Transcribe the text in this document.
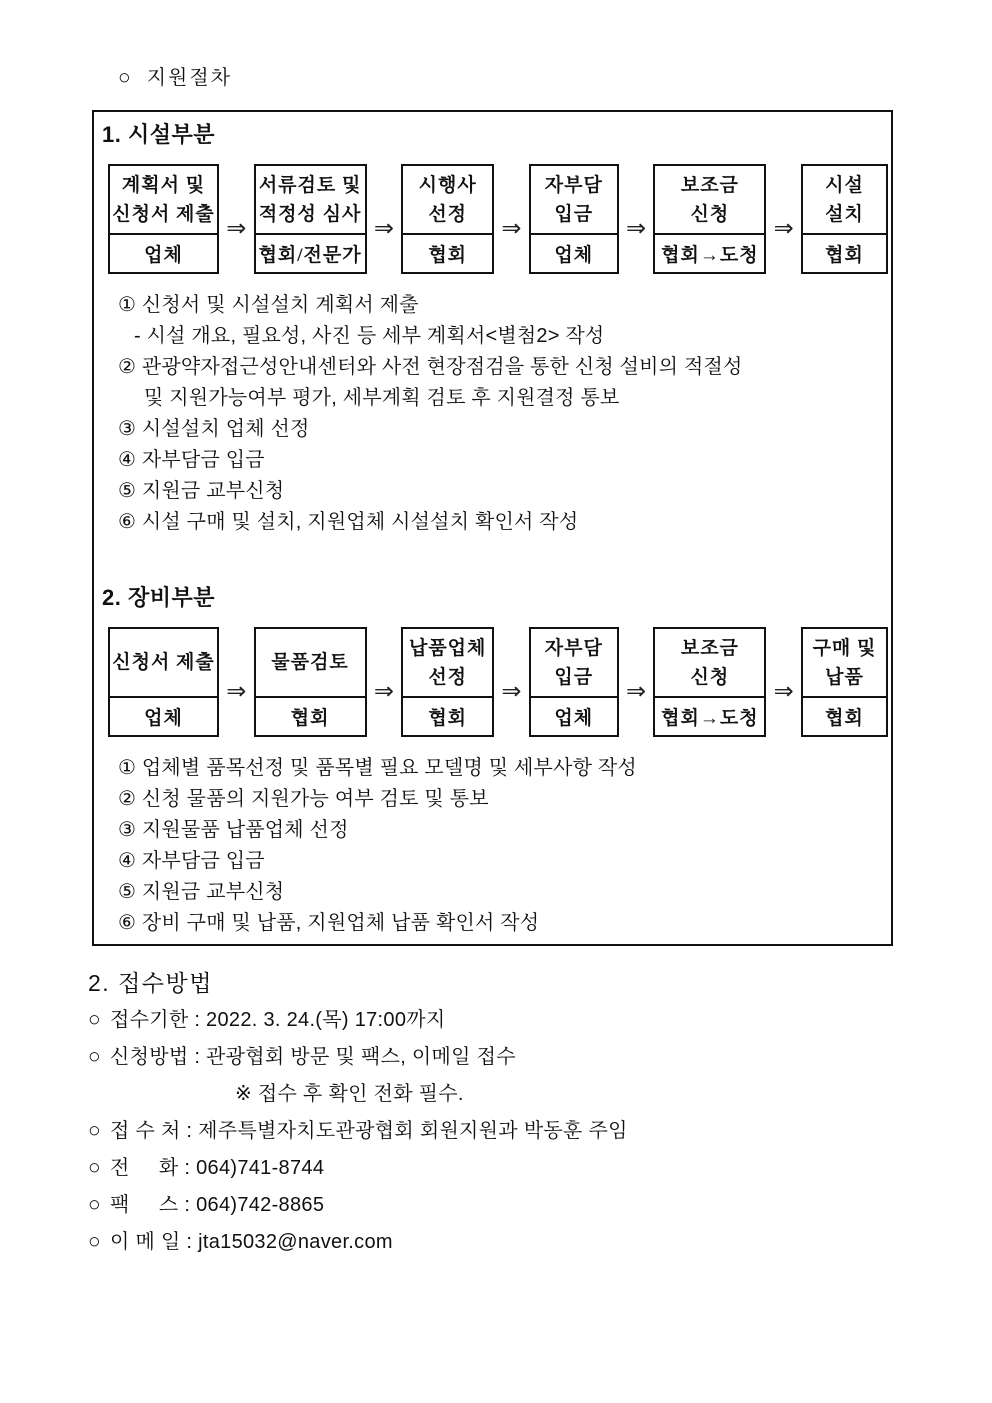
○ 지원절차
1. 시설부분
계획서 및
신청서 제출
업체
⇒
서류검토 및
적정성 심사
협회/전문가
⇒
시행사
선정
협회
⇒
자부담
입금
업체
⇒
보조금
신청
협회→도청
⇒
시설
설치
협회
① 신청서 및 시설설치 계획서 제출
- 시설 개요, 필요성, 사진 등 세부 계획서<별첨2> 작성
② 관광약자접근성안내센터와 사전 현장점검을 통한 신청 설비의 적절성
및 지원가능여부 평가, 세부계획 검토 후 지원결정 통보
③ 시설설치 업체 선정
④ 자부담금 입금
⑤ 지원금 교부신청
⑥ 시설 구매 및 설치, 지원업체 시설설치 확인서 작성
2. 장비부분
신청서 제출
업체
⇒
물품검토
협회
⇒
납품업체
선정
협회
⇒
자부담
입금
업체
⇒
보조금
신청
협회→도청
⇒
구매 및
납품
협회
① 업체별 품목선정 및 품목별 필요 모델명 및 세부사항 작성
② 신청 물품의 지원가능 여부 검토 및 통보
③ 지원물품 납품업체 선정
④ 자부담금 입금
⑤ 지원금 교부신청
⑥ 장비 구매 및 납품, 지원업체 납품 확인서 작성
2. 접수방법
○ 접수기한 : 2022. 3. 24.(목) 17:00까지
○ 신청방법 : 관광협회 방문 및 팩스, 이메일 접수
※ 접수 후 확인 전화 필수.
○ 접 수 처 : 제주특별자치도관광협회 회원지원과 박동훈 주임
○ 전     화 : 064)741-8744
○ 팩     스 : 064)742-8865
○ 이 메 일 : jta15032@naver.com
